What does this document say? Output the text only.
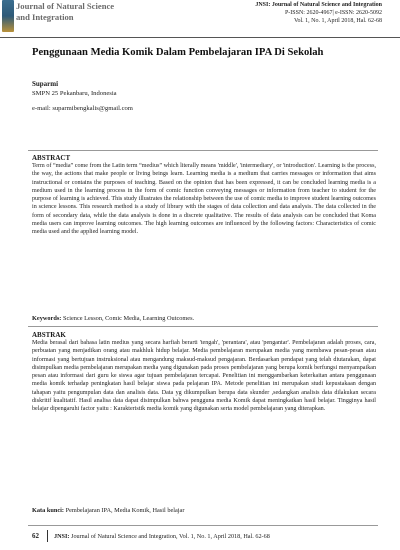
Journal of Natural Science
and Integration
JNSI: Journal of Natural Science and Integration
P-ISSN: 2620-4967| e-ISSN: 2620-5092
Vol. 1, No. 1, April 2018, Hal. 62-68
Penggunaan Media Komik Dalam Pembelajaran IPA Di Sekolah
Suparmi
SMPN 25 Pekanbaru, Indonesia
e-mail: suparmibengkalis@gmail.com
ABSTRACT
Term of “media” come from the Latin term “medius” which literally means 'middle', 'intermediary', or 'introduction'. Learning is the process, the way, the actions that make people or living beings learn. Learning media is a medium that carries messages or information that aims instructional or contains the purposes of teaching. Based on the opinion that has been expressed, it can be concluded learning media is a medium used in the learning process in the form of comic function conveying messages or information from teacher to student for the purpose of learning is achieved. This study illustrates the relationship between the use of comic media to improve student learning outcomes in science lessons. This research method is a study of library with the stages of data collection and data analysis. The data collected in the form of secondary data, while the data analysis is done in a discrete qualitative. The results of data analysis can be concluded that Koma media users can improve learning outcomes. The high learning outcomes are influenced by the following factors: Characteristics of comic media used and the applied learning model.
Keywords: Science Lesson, Comic Media, Learning Outcomes.
ABSTRAK
Media berasal dari bahasa latin medius yang secara harfiah berarti 'tengah', 'perantara', atau 'pengantar'. Pembelajaran adalah proses, cara, perbuatan yang menjadikan orang atau makhluk hidup belajar. Media pembelajaran merupakan media yang membawa pesan-pesan atau informasi yang bertujuan instruksional atau mengandung maksud-maksud pengajaran. Berdasarkan pendapat yang telah diutarakan, dapat disimpulkan media pembelajaran merupakan media yang digunakan pada proses pembelajaran yang berupa komik berfungsi menyampaikan pesan atau informasi dari guru ke siswa agar tujuan pembelajaran tercapai. Penelitian ini menggambarkan keterkaitan antara penggunaan media komik terhadap peningkatan hasil belajar siswa pada pelajaran IPA. Metode penelitian ini merupakan studi kepustakaan dengan tahapan yaitu pengumpulan data dan analisis data. Data yg dikumpulkan berupa data skunder ,sedangkan analisis data dilakukan secara diskritif kualitatif. Hasil analisa data dapat disimpulkan bahwa pengguna media Komik dapat meningkatkan hasil belajar. Tingginya hasil belajar dipengaruhi factor yaitu : Karakteristik media komik yang digunakan serta model pembelajaran yang diterapkan.
Kata kunci: Pembelajaran IPA, Media Komik, Hasil belajar
62 JNSI: Journal of Natural Science and Integration, Vol. 1, No. 1, April 2018, Hal. 62-68
